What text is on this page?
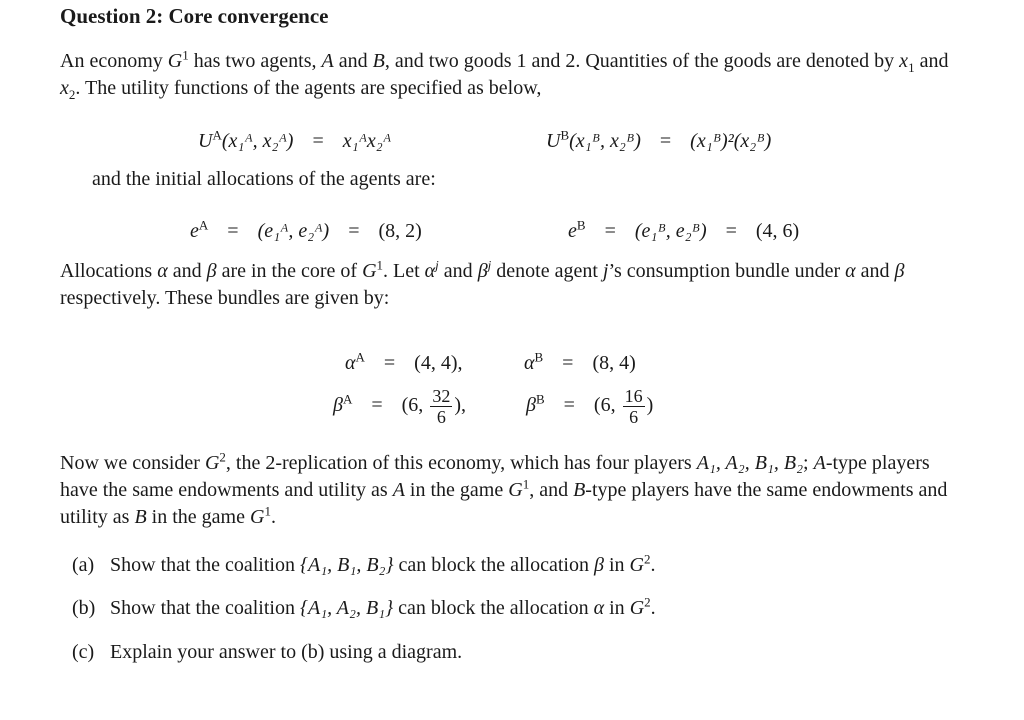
Question 2: Core convergence

An economy $G^1$ has two agents, A and B, and two goods 1 and 2. Quantities of the goods are denoted by $x_1$ and $x_2$. The utility functions of the agents are specified as below,

$U^A(x_1ᴬ$, x₂ᴬ) = x₁ᴬx₂ᴬ	$U^B(x_1ᴮ$, x₂ᴮ) = (x₁ᴮ)²(x₂ᴮ)
and the initial allocations of the agents are:
$e^A$ = (e₁ᴬ, e₂ᴬ) = (8, 2)	$e^B$ = (e₁ᴮ, e₂ᴮ) = (4, 6)

Allocations α and β are in the core of $G^1$. Let $\alpha^j$ and $\beta^j$ denote agent j’s consumption bundle under α and β respectively. These bundles are given by:

$\alpha^A = (4$, 4),	$\alpha^B = (8$, 4)
$\beta^A = (6$, $\frac{32}{6}$ ),	$\beta^B = (6$, $\frac{16}{6}$ )

Now we consider $G^2$, the 2-replication of this economy, which has four players A₁, A₂, B₁, B₂; A-type players have the same endowments and utility as A in the game $G^1$, and B-type players have the same endowments and utility as B in the game $G^1$.

(a) Show that the coalition {A₁, B₁, B₂} can block the allocation β in $G^2$.
(b) Show that the coalition {A₁, A₂, B₁} can block the allocation α in $G^2$.
(c) Explain your answer to (b) using a diagram.
